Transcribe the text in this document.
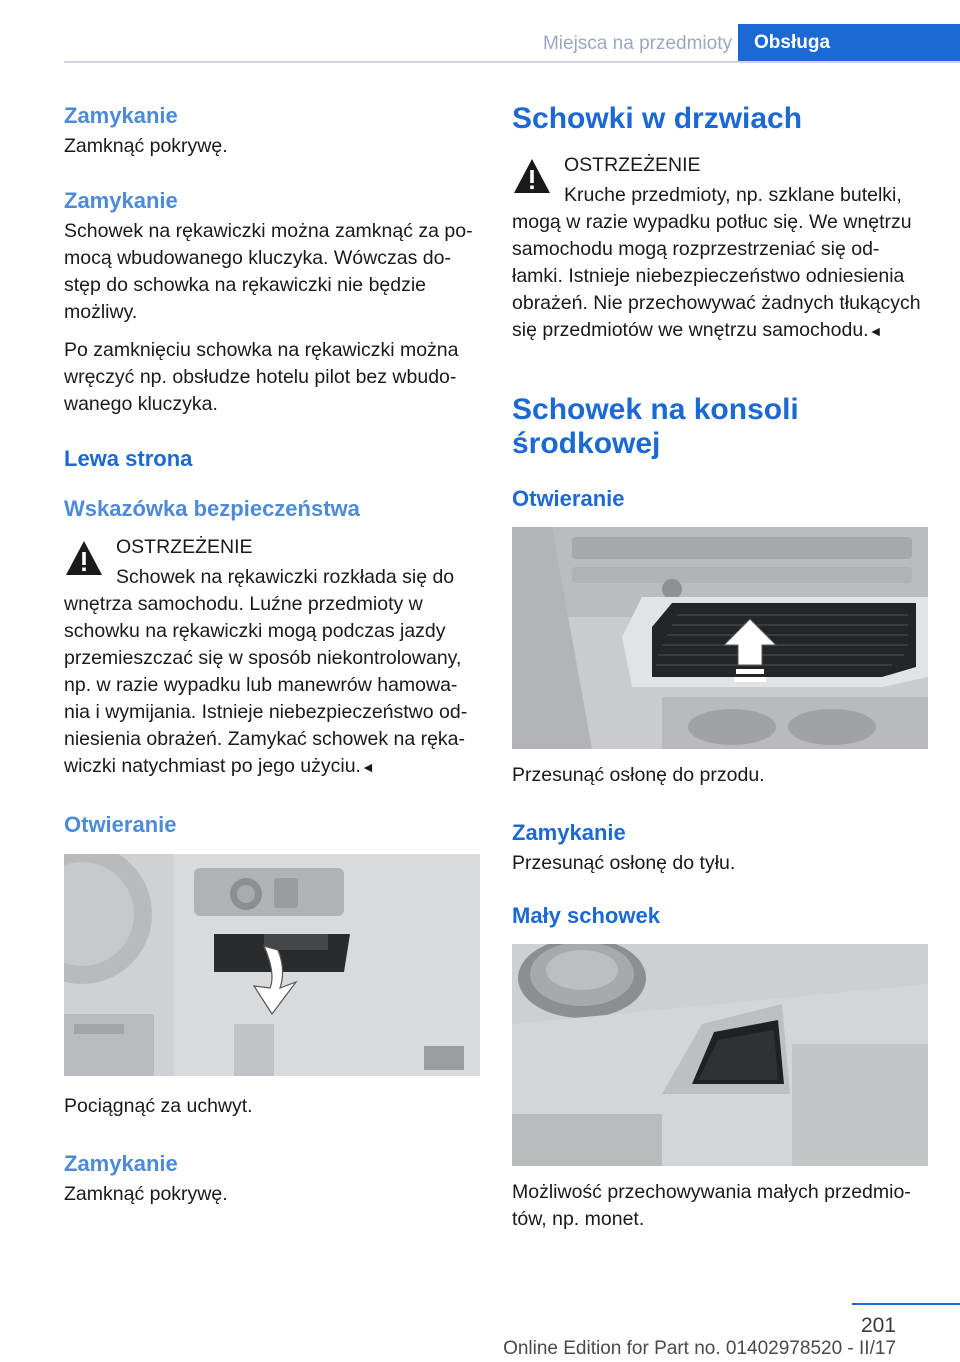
Miejsca na przedmioty	Obsługa
Zamykanie

Zamknąć pokrywę.

Zamykanie

Schowek na rękawiczki można zamknąć za po-mocą wbudowanego kluczyka. Wówczas do-stęp do schowka na rękawiczki nie będzie możliwy.

Po zamknięciu schowka na rękawiczki można wręczyć np. obsłudze hotelu pilot bez wbudo-wanego kluczyka.

Lewa strona
Wskazówka bezpieczeństwa

OSTRZEŻENIE

Schowek na rękawiczki rozkłada się do wnętrza samochodu. Luźne przedmioty w schowku na rękawiczki mogą podczas jazdy przemieszczać się w sposób niekontrolowany, np. w razie wypadku lub manewrów hamowa-nia i wymijania. Istnieje niebezpieczeństwo od-niesienia obrażeń. Zamykać schowek na ręka-wiczki natychmiast po jego użyciu.◄

Otwieranie

Pociągnąć za uchwyt.

Zamykanie

Zamknąć pokrywę.

Schowki w drzwiach

OSTRZEŻENIE

Kruche przedmioty, np. szklane butelki, mogą w razie wypadku potłuc się. We wnętrzu samochodu mogą rozprzestrzeniać się od-łamki. Istnieje niebezpieczeństwo odniesienia obrażeń. Nie przechowywać żadnych tłukących się przedmiotów we wnętrzu samochodu.◄

Schowek na konsoli
środkowej
Otwieranie

Przesunąć osłonę do przodu.

Zamykanie

Przesunąć osłonę do tyłu.

Mały schowek

Możliwość przechowywania małych przedmio-tów, np. monet.

201
Online Edition for Part no. 01402978520 - II/17
